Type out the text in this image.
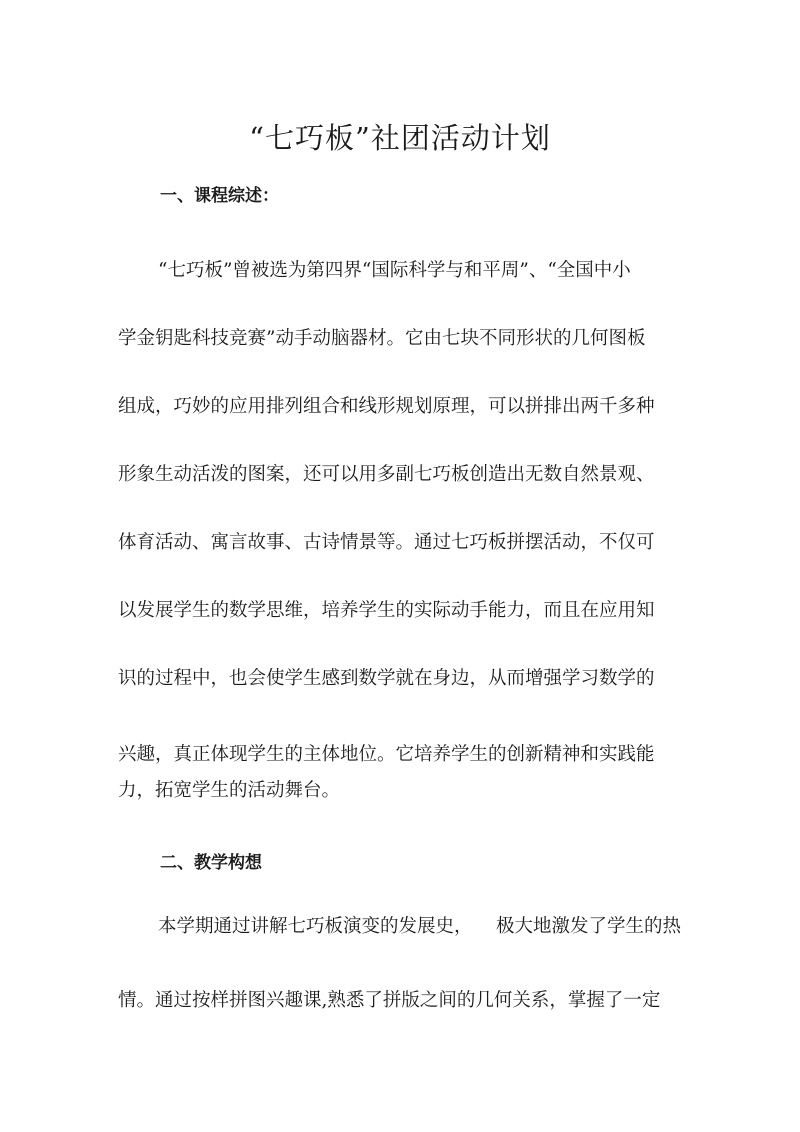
“七巧板”社团活动计划
一、课程综述：
“七巧板”曾被选为第四界“国际科学与和平周”、“全国中小
学金钥匙科技竞赛”动手动脑器材。它由七块不同形状的几何图板
组成，巧妙的应用排列组合和线形规划原理，可以拼排出两千多种
形象生动活泼的图案，还可以用多副七巧板创造出无数自然景观、
体育活动、寓言故事、古诗情景等。通过七巧板拼摆活动，不仅可
以发展学生的数学思维，培养学生的实际动手能力，而且在应用知
识的过程中，也会使学生感到数学就在身边，从而增强学习数学的
兴趣，真正体现学生的主体地位。它培养学生的创新精神和实践能
力，拓宽学生的活动舞台。
二、教学构想
本学期通过讲解七巧板演变的发展史，    极大地激发了学生的热
情。通过按样拼图兴趣课,熟悉了拼版之间的几何关系，掌握了一定
